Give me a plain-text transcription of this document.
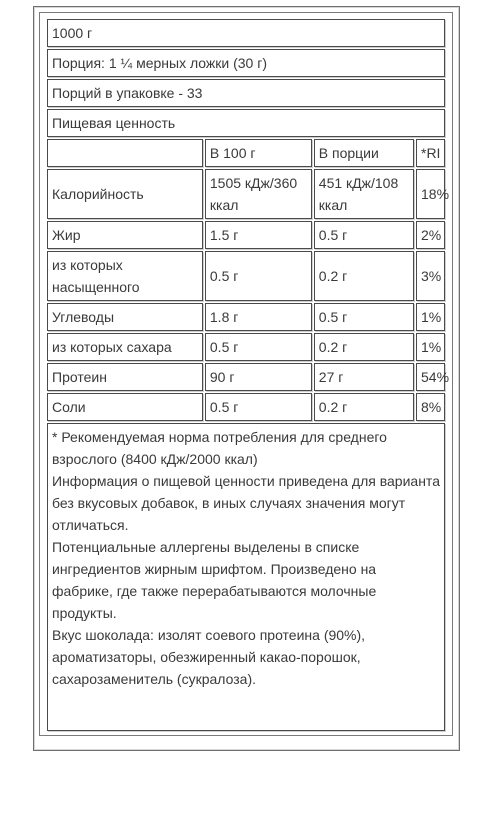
1000 г			
Порция: 1 ¼ мерных ложки (30 г)			
Порций в упаковке - 33			
Пищевая ценность			
	В 100 г	В порции	*RI
Калорийность	1505 кДж/360 ккал	451 кДж/108 ккал	18%
Жир	1.5 г	0.5 г	2%
из которых насыщенного	0.5 г	0.2 г	3%
Углеводы	1.8 г	0.5 г	1%
из которых сахара	0.5 г	0.2 г	1%
Протеин	90 г	27 г	54%
Соли	0.5 г	0.2 г	8%

* Рекомендуемая норма потребления для среднего взрослого (8400 кДж/2000 ккал)

Информация о пищевой ценности приведена для варианта без вкусовых добавок, в иных случаях значения могут отличаться.

Потенциальные аллергены выделены в списке ингредиентов жирным шрифтом. Произведено на фабрике, где также перерабатываются молочные продукты.

Вкус шоколада: изолят соевого протеина (90%), ароматизаторы, обезжиренный какао-порошок, сахарозаменитель (сукралоза).			
